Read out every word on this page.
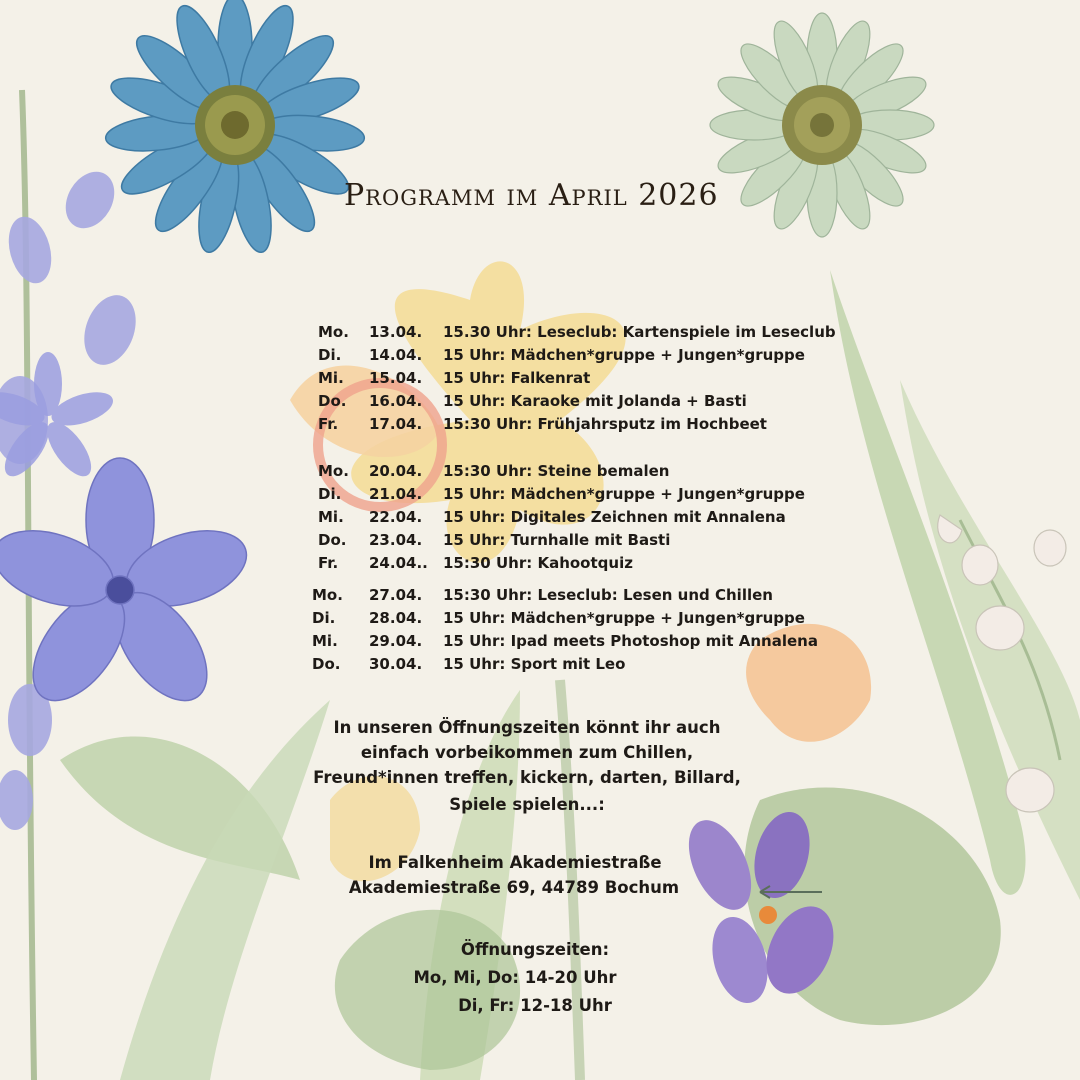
Programm im April 2026
Mo. 13.04. 15.30 Uhr: Leseclub: Kartenspiele im Leseclub
Di. 14.04. 15 Uhr: Mädchen*gruppe + Jungen*gruppe
Mi. 15.04. 15 Uhr: Falkenrat
Do. 16.04. 15 Uhr: Karaoke mit Jolanda + Basti
Fr. 17.04. 15:30 Uhr: Frühjahrsputz im Hochbeet
Mo. 20.04. 15:30 Uhr: Steine bemalen
Di. 21.04. 15 Uhr: Mädchen*gruppe + Jungen*gruppe
Mi. 22.04. 15 Uhr: Digitales Zeichnen mit Annalena
Do. 23.04. 15 Uhr: Turnhalle mit Basti
Fr. 24.04.. 15:30 Uhr: Kahootquiz
Mo. 27.04. 15:30 Uhr: Leseclub: Lesen und Chillen
Di. 28.04. 15 Uhr: Mädchen*gruppe + Jungen*gruppe
Mi. 29.04. 15 Uhr: Ipad meets Photoshop mit Annalena
Do. 30.04. 15 Uhr: Sport mit Leo
In unseren Öffnungszeiten könnt ihr auch
einfach vorbeikommen zum Chillen,
Freund*innen treffen, kickern, darten, Billard,
Spiele spielen...:
Im Falkenheim Akademiestraße
Akademiestraße 69, 44789 Bochum
Öffnungszeiten:
Mo, Mi, Do: 14-20 Uhr
Di, Fr: 12-18 Uhr
